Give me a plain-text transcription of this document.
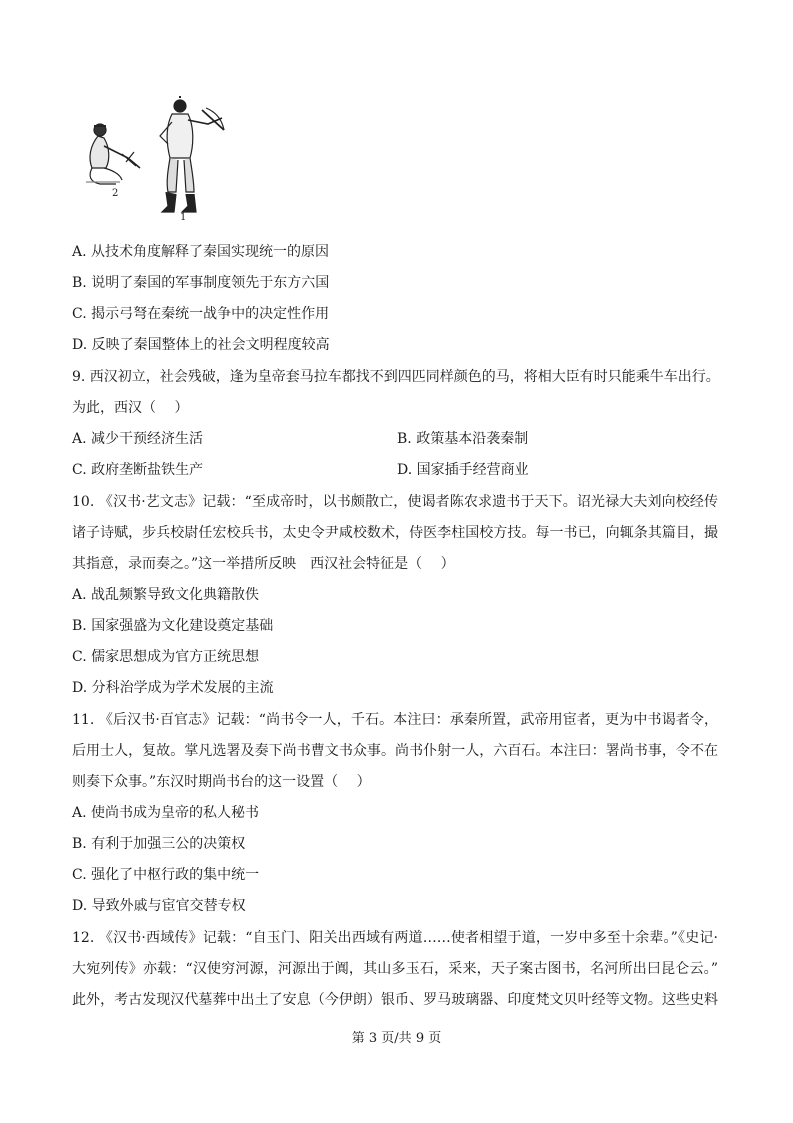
2
1
A. 从技术角度解释了秦国实现统一的原因
B. 说明了秦国的军事制度领先于东方六国
C. 揭示弓弩在秦统一战争中的决定性作用
D. 反映了秦国整体上的社会文明程度较高
9. 西汉初立，社会残破，逢为皇帝套马拉车都找不到四匹同样颜色的马，将相大臣有时只能乘牛车出行。
为此，西汉（　 ）
A. 减少干预经济生活	B. 政策基本沿袭秦制
C. 政府垄断盐铁生产	D. 国家插手经营商业
10. 《汉书·艺文志》记载：“至成帝时，以书颇散亡，使谒者陈农求遗书于天下。诏光禄大夫刘向校经传
诸子诗赋，步兵校尉任宏校兵书，太史令尹咸校数术，侍医李柱国校方技。每一书已，向辄条其篇目，撮
其指意，录而奏之。”这一举措所反映　西汉社会特征是（　 ）
A. 战乱频繁导致文化典籍散佚
B. 国家强盛为文化建设奠定基础
C. 儒家思想成为官方正统思想
D. 分科治学成为学术发展的主流
11. 《后汉书·百官志》记载：“尚书令一人，千石。本注曰：承秦所置，武帝用宦者，更为中书谒者令，
后用士人，复故。掌凡选署及奏下尚书曹文书众事。尚书仆射一人，六百石。本注曰：署尚书事，令不在
则奏下众事。”东汉时期尚书台的这一设置（　 ）
A. 使尚书成为皇帝的私人秘书
B. 有利于加强三公的决策权
C. 强化了中枢行政的集中统一
D. 导致外戚与宦官交替专权
12. 《汉书·西域传》记载：“自玉门、阳关出西域有两道……使者相望于道，一岁中多至十余辈。”《史记·
大宛列传》亦载：“汉使穷河源，河源出于阗，其山多玉石，采来，天子案古图书，名河所出曰昆仑云。”
此外，考古发现汉代墓葬中出土了安息（今伊朗）银币、罗马玻璃器、印度梵文贝叶经等文物。这些史料
第 3 页/共 9 页
